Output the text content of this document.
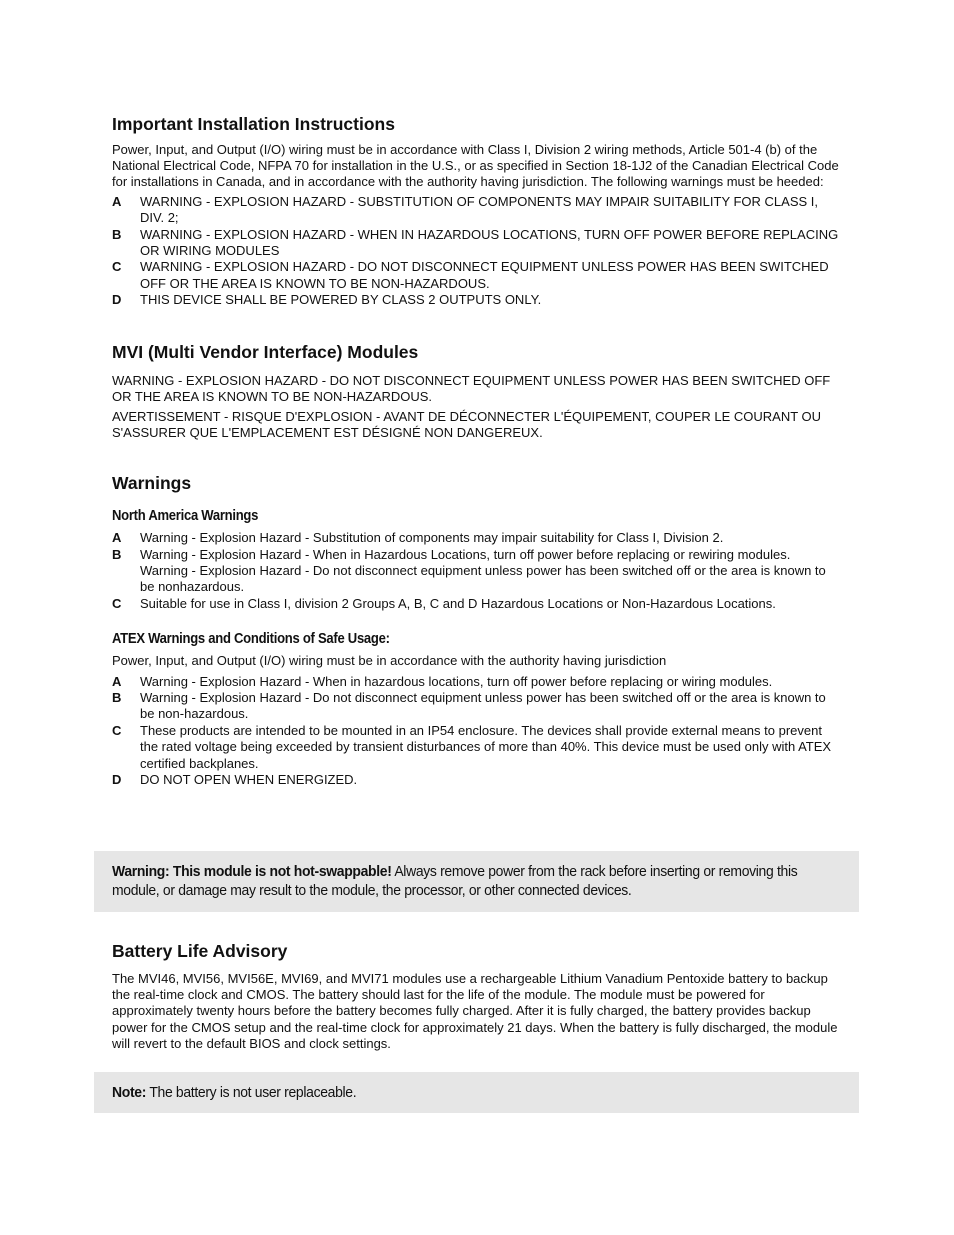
Important Installation Instructions

Power, Input, and Output (I/O) wiring must be in accordance with Class I, Division 2 wiring methods, Article 501-4 (b) of the National Electrical Code, NFPA 70 for installation in the U.S., or as specified in Section 18-1J2 of the Canadian Electrical Code for installations in Canada, and in accordance with the authority having jurisdiction. The following warnings must be heeded:

A	WARNING - EXPLOSION HAZARD - SUBSTITUTION OF COMPONENTS MAY IMPAIR SUITABILITY FOR CLASS I, DIV. 2;
B	WARNING - EXPLOSION HAZARD - WHEN IN HAZARDOUS LOCATIONS, TURN OFF POWER BEFORE REPLACING OR WIRING MODULES
C	WARNING - EXPLOSION HAZARD - DO NOT DISCONNECT EQUIPMENT UNLESS POWER HAS BEEN SWITCHED OFF OR THE AREA IS KNOWN TO BE NON-HAZARDOUS.
D	THIS DEVICE SHALL BE POWERED BY CLASS 2 OUTPUTS ONLY.
MVI (Multi Vendor Interface) Modules

WARNING - EXPLOSION HAZARD - DO NOT DISCONNECT EQUIPMENT UNLESS POWER HAS BEEN SWITCHED OFF OR THE AREA IS KNOWN TO BE NON-HAZARDOUS.

AVERTISSEMENT - RISQUE D'EXPLOSION - AVANT DE DÉCONNECTER L'ÉQUIPEMENT, COUPER LE COURANT OU S'ASSURER QUE L'EMPLACEMENT EST DÉSIGNÉ NON DANGEREUX.

Warnings
North America Warnings
A	Warning - Explosion Hazard - Substitution of components may impair suitability for Class I, Division 2.
B	Warning - Explosion Hazard - When in Hazardous Locations, turn off power before replacing or rewiring modules.
Warning - Explosion Hazard - Do not disconnect equipment unless power has been switched off or the area is known to be nonhazardous.
C	Suitable for use in Class I, division 2 Groups A, B, C and D Hazardous Locations or Non-Hazardous Locations.
ATEX Warnings and Conditions of Safe Usage:

Power, Input, and Output (I/O) wiring must be in accordance with the authority having jurisdiction

A	Warning - Explosion Hazard - When in hazardous locations, turn off power before replacing or wiring modules.
B	Warning - Explosion Hazard - Do not disconnect equipment unless power has been switched off or the area is known to be non-hazardous.
C	These products are intended to be mounted in an IP54 enclosure. The devices shall provide external means to prevent the rated voltage being exceeded by transient disturbances of more than 40%. This device must be used only with ATEX certified backplanes.
D	DO NOT OPEN WHEN ENERGIZED.
Warning: This module is not hot-swappable! Always remove power from the rack before inserting or removing this module, or damage may result to the module, the processor, or other connected devices.
Battery Life Advisory

The MVI46, MVI56, MVI56E, MVI69, and MVI71 modules use a rechargeable Lithium Vanadium Pentoxide battery to backup the real-time clock and CMOS. The battery should last for the life of the module. The module must be powered for approximately twenty hours before the battery becomes fully charged. After it is fully charged, the battery provides backup power for the CMOS setup and the real-time clock for approximately 21 days. When the battery is fully discharged, the module will revert to the default BIOS and clock settings.

Note: The battery is not user replaceable.
